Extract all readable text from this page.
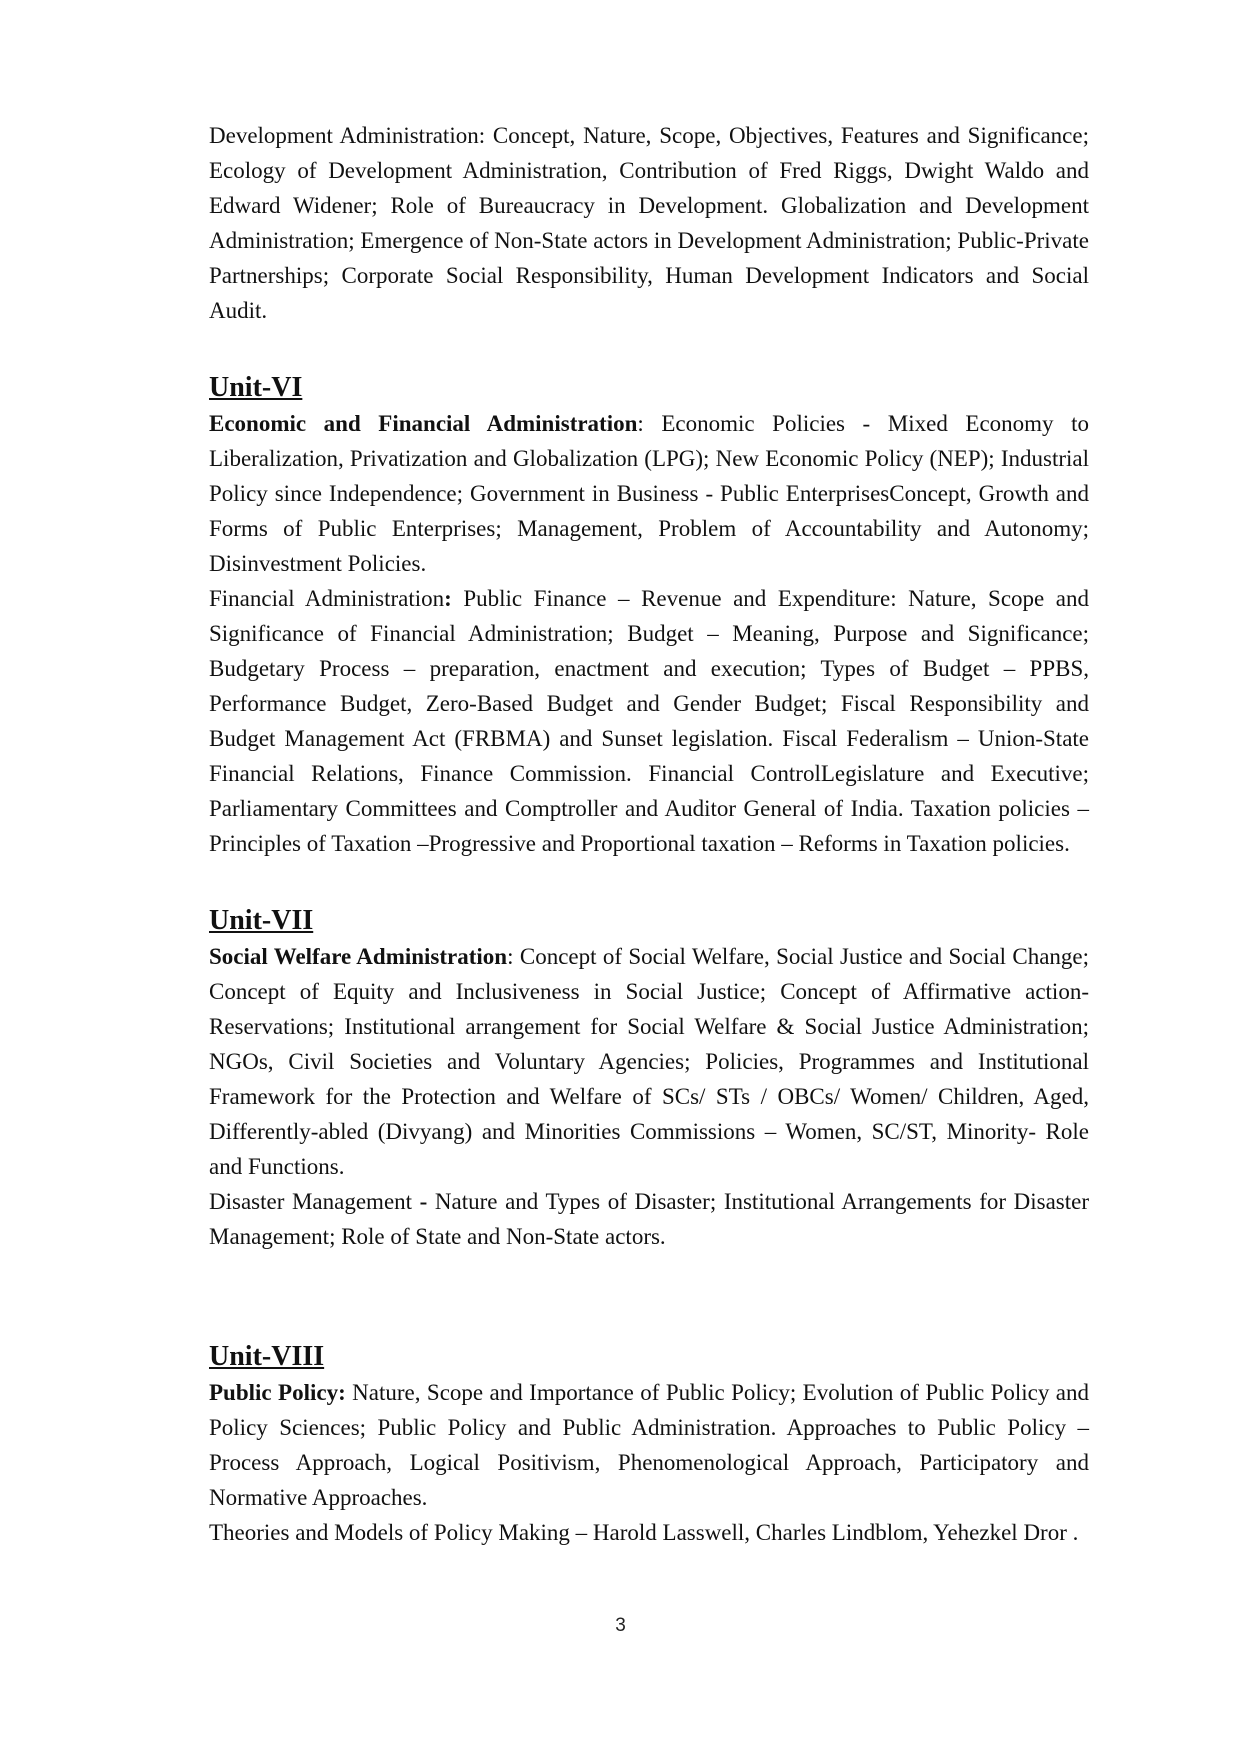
Development Administration: Concept, Nature, Scope, Objectives, Features and Significance; Ecology of Development Administration, Contribution of Fred Riggs, Dwight Waldo and Edward Widener; Role of Bureaucracy in Development. Globalization and Development Administration; Emergence of Non-State actors in Development Administration; Public-Private Partnerships; Corporate Social Responsibility, Human Development Indicators and Social Audit.

Unit-VI

Economic and Financial Administration: Economic Policies - Mixed Economy to Liberalization, Privatization and Globalization (LPG); New Economic Policy (NEP); Industrial Policy since Independence; Government in Business - Public EnterprisesConcept, Growth and Forms of Public Enterprises; Management, Problem of Accountability and Autonomy; Disinvestment Policies.

Financial Administration: Public Finance – Revenue and Expenditure: Nature, Scope and Significance of Financial Administration; Budget – Meaning, Purpose and Significance; Budgetary Process – preparation, enactment and execution; Types of Budget – PPBS, Performance Budget, Zero-Based Budget and Gender Budget; Fiscal Responsibility and Budget Management Act (FRBMA) and Sunset legislation. Fiscal Federalism – Union-State Financial Relations, Finance Commission. Financial ControlLegislature and Executive; Parliamentary Committees and Comptroller and Auditor General of India. Taxation policies – Principles of Taxation –Progressive and Proportional taxation – Reforms in Taxation policies.

Unit-VII

Social Welfare Administration: Concept of Social Welfare, Social Justice and Social Change; Concept of Equity and Inclusiveness in Social Justice; Concept of Affirmative action-Reservations; Institutional arrangement for Social Welfare & Social Justice Administration; NGOs, Civil Societies and Voluntary Agencies; Policies, Programmes and Institutional Framework for the Protection and Welfare of SCs/ STs / OBCs/ Women/ Children, Aged, Differently-abled (Divyang) and Minorities Commissions – Women, SC/ST, Minority- Role and Functions.

Disaster Management - Nature and Types of Disaster; Institutional Arrangements for Disaster Management; Role of State and Non-State actors.

Unit-VIII

Public Policy: Nature, Scope and Importance of Public Policy; Evolution of Public Policy and Policy Sciences; Public Policy and Public Administration. Approaches to Public Policy – Process Approach, Logical Positivism, Phenomenological Approach, Participatory and Normative Approaches.

Theories and Models of Policy Making – Harold Lasswell, Charles Lindblom, Yehezkel Dror .

3
